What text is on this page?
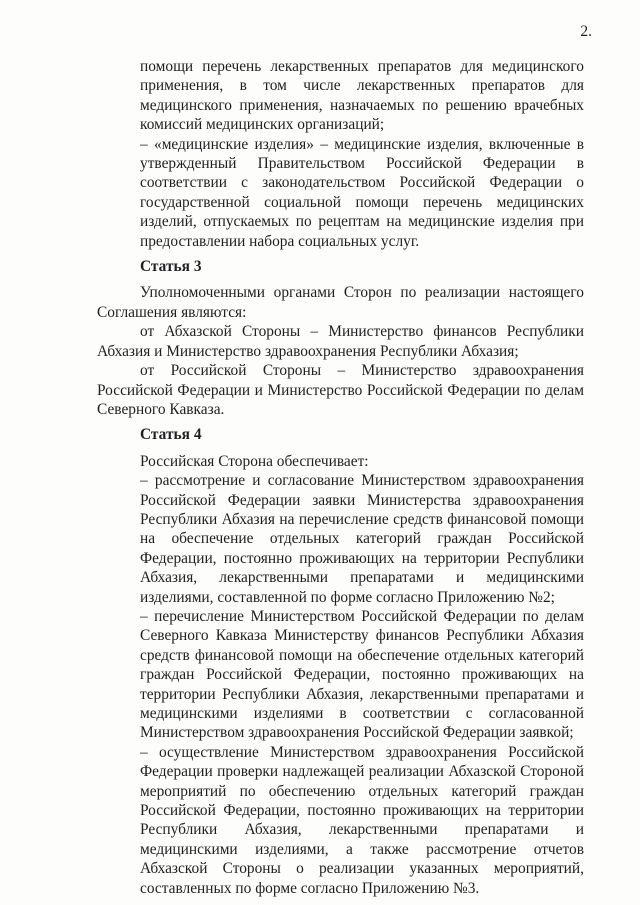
2.
помощи перечень лекарственных препаратов для медицинского применения, в том числе лекарственных препаратов для медицинского применения, назначаемых по решению врачебных комиссий медицинских организаций;
– «медицинские изделия» – медицинские изделия, включенные в утвержденный Правительством Российской Федерации в соответствии с законодательством Российской Федерации о государственной социальной помощи перечень медицинских изделий, отпускаемых по рецептам на медицинские изделия при предоставлении набора социальных услуг.
Статья 3
Уполномоченными органами Сторон по реализации настоящего Соглашения являются:
от Абхазской Стороны – Министерство финансов Республики Абхазия и Министерство здравоохранения Республики Абхазия;
от Российской Стороны – Министерство здравоохранения Российской Федерации и Министерство Российской Федерации по делам Северного Кавказа.
Статья 4
Российская Сторона обеспечивает:
– рассмотрение и согласование Министерством здравоохранения Российской Федерации заявки Министерства здравоохранения Республики Абхазия на перечисление средств финансовой помощи на обеспечение отдельных категорий граждан Российской Федерации, постоянно проживающих на территории Республики Абхазия, лекарственными препаратами и медицинскими изделиями, составленной по форме согласно Приложению №2;
– перечисление Министерством Российской Федерации по делам Северного Кавказа Министерству финансов Республики Абхазия средств финансовой помощи на обеспечение отдельных категорий граждан Российской Федерации, постоянно проживающих на территории Республики Абхазия, лекарственными препаратами и медицинскими изделиями в соответствии с согласованной Министерством здравоохранения Российской Федерации заявкой;
– осуществление Министерством здравоохранения Российской Федерации проверки надлежащей реализации Абхазской Стороной мероприятий по обеспечению отдельных категорий граждан Российской Федерации, постоянно проживающих на территории Республики Абхазия, лекарственными препаратами и медицинскими изделиями, а также рассмотрение отчетов Абхазской Стороны о реализации указанных мероприятий, составленных по форме согласно Приложению №3.
